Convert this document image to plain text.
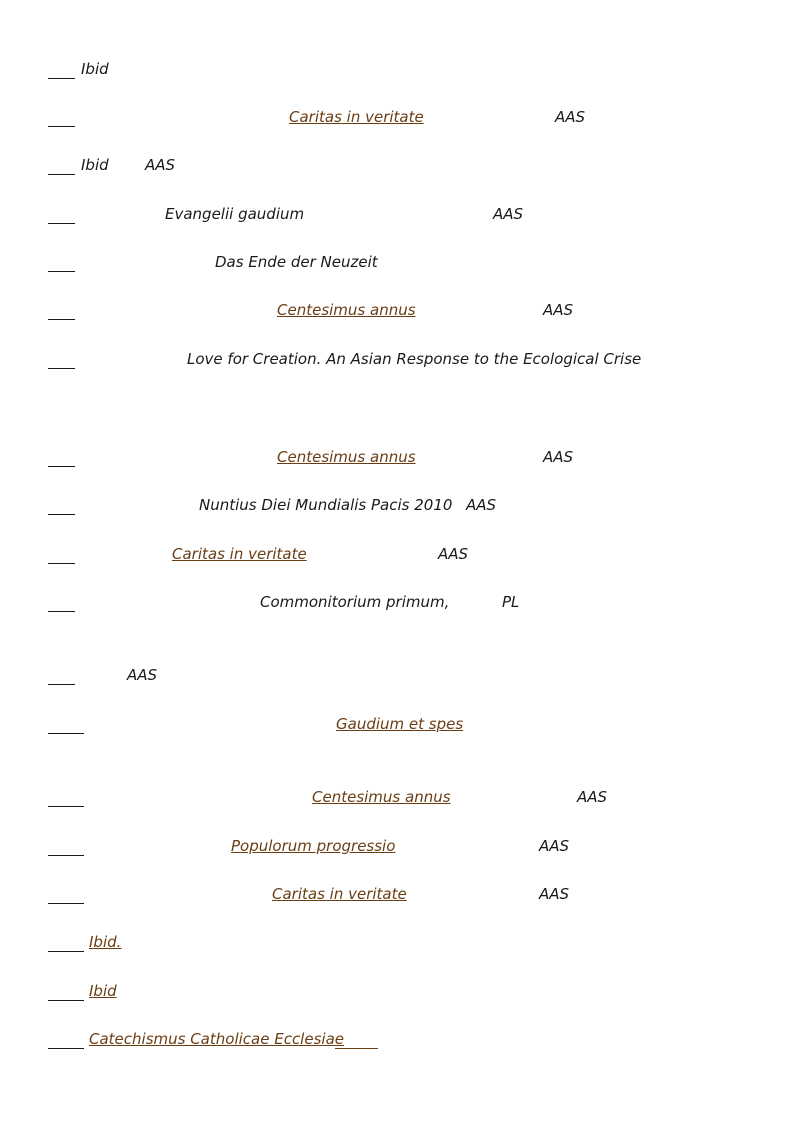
Ibid
Caritas in veritate	AAS
Ibid AAS
Evangelii gaudium	AAS
Das Ende der Neuzeit
Centesimus annus	AAS
Love for Creation. An Asian Response to the Ecological Crise
Centesimus annus	AAS
Nuntius Diei Mundialis Pacis 2010 AAS
Caritas in veritate	AAS
Commonitorium primum,	PL
AAS
Gaudium et spes
Centesimus annus	AAS
Populorum progressio	AAS
Caritas in veritate	AAS
Ibid.
Ibid
Catechismus Catholicae Ecclesiae
